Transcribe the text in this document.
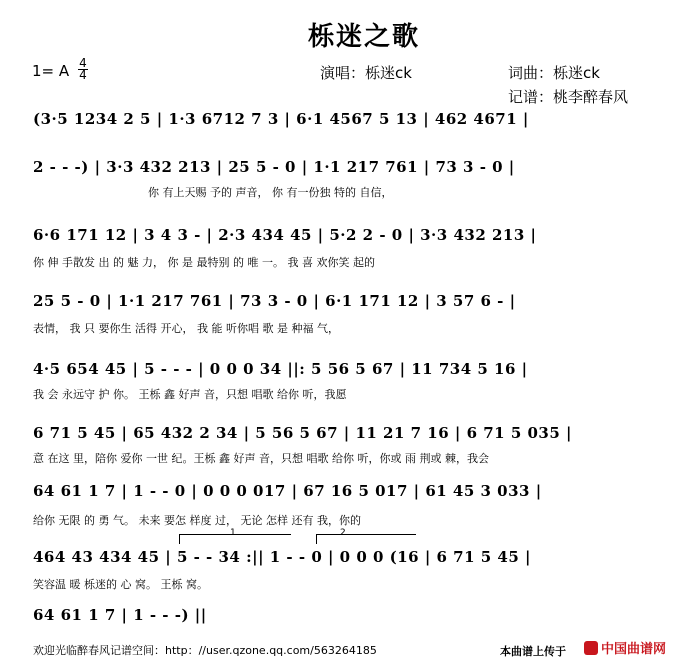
栎迷之歌
1= A 4
4	演唱：栎迷ck	词曲：栎迷ck
记谱：桃李醉春风
(3·5 1234 2 5 | 1·3 6712 7 3 | 6·1 4567 5 13 | 462 4671 |
2 - - -) | 3·3 432 213 | 25 5 - 0 | 1·1 217 761 | 73 3 - 0 |
你 有上天赐 予的 声音， 你 有一份独 特的 自信，
6·6 171 12 | 3 4 3 - | 2·3 434 45 | 5·2 2 - 0 | 3·3 432 213 |
你 伸 手散发 出 的 魅 力， 你 是 最特别 的 唯 一。 我 喜 欢你笑 起的
25 5 - 0 | 1·1 217 761 | 73 3 - 0 | 6·1 171 12 | 3 57 6 - |
表情， 我 只 要你生 活得 开心， 我 能 听你唱 歌 是 种福 气，
4·5 654 45 | 5 - - - | 0 0 0 34 ||: 5 56 5 67 | 11 734 5 16 |
我 会 永远守 护 你。 王栎 鑫 好声 音，只想 唱歌 给你 听，我愿
6 71 5 45 | 65 432 2 34 | 5 56 5 67 | 11 21 7 16 | 6 71 5 035 |
意 在这 里，陪你 爱你 一世 纪。王栎 鑫 好声 音，只想 唱歌 给你 听，你或 雨 荆或 棘，我会
64 61 1 7 | 1 - - 0 | 0 0 0 017 | 67 16 5 017 | 61 45 3 033 |
给你 无限 的 勇 气。 未来 要怎 样度 过， 无论 怎样 还有 我，你的
1	2
464 43 434 45 | 5 - - 34 :|| 1 - - 0 | 0 0 0 (16 | 6 71 5 45 |
笑容温 暖 栎迷的 心 窝。 王栎 窝。
64 61 1 7 | 1 - - -) ||
欢迎光临醉春风记谱空间：http：//user.qzone.qq.com/563264185	本曲谱上传于	中国曲谱网
